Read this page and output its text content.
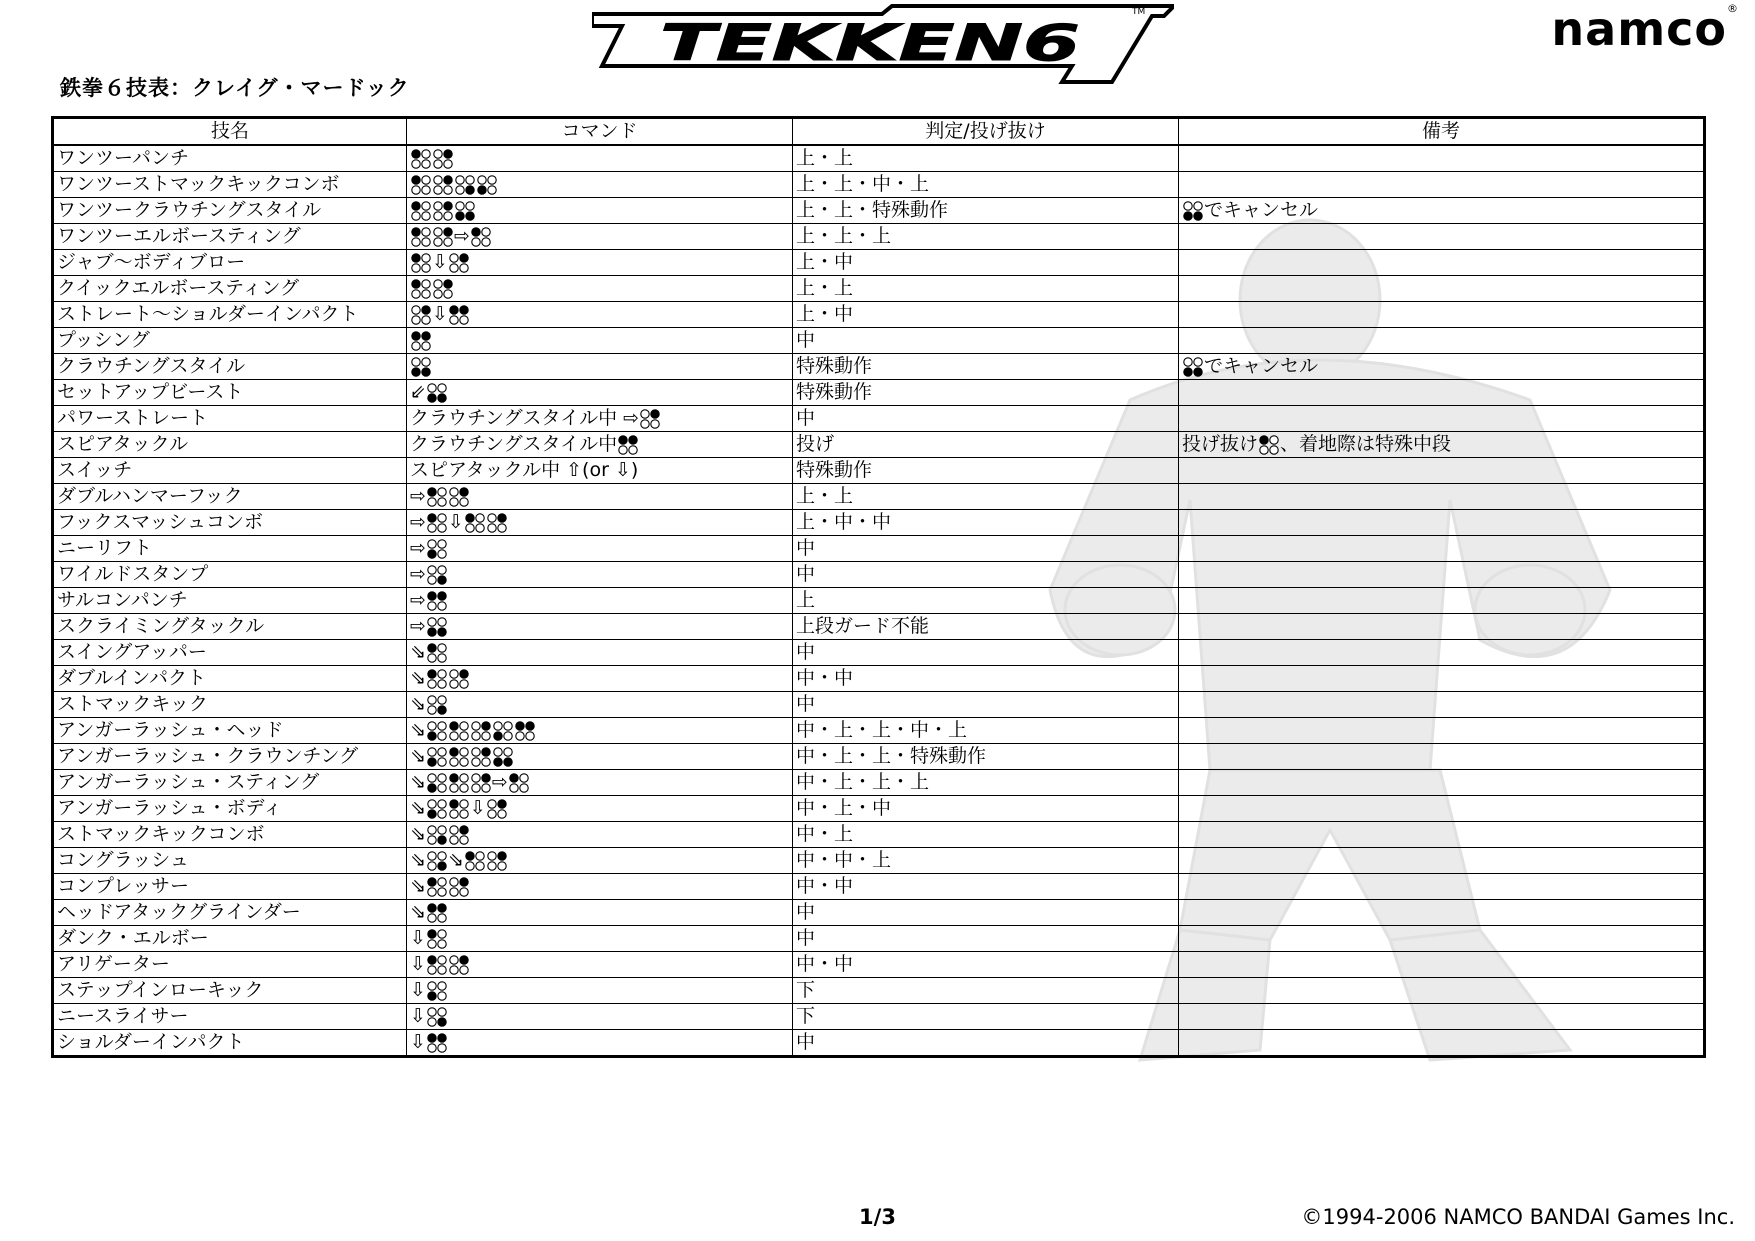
TEKKEN6
TM	namco®
鉄拳６技表：クレイグ・マードック
技名	コマンド	判定/投げ抜け	備考
ワンツーパンチ		上・上	
ワンツーストマックキックコンボ		上・上・中・上	
ワンツークラウチングスタイル		上・上・特殊動作	でキャンセル
ワンツーエルボースティング	⇨	上・上・上	
ジャブ～ボディブロー	⇩	上・中	
クイックエルボースティング		上・上	
ストレート～ショルダーインパクト	⇩	上・中	
プッシング		中	
クラウチングスタイル		特殊動作	でキャンセル
セットアップビースト	⇙	特殊動作	
パワーストレート	クラウチングスタイル中 ⇨	中	
スピアタックル	クラウチングスタイル中	投げ	投げ抜け 、着地際は特殊中段
スイッチ	スピアタックル中 ⇧(or ⇩)	特殊動作	
ダブルハンマーフック	⇨	上・上	
フックスマッシュコンボ	⇨ ⇩	上・中・中	
ニーリフト	⇨	中	
ワイルドスタンプ	⇨	中	
サルコンパンチ	⇨	上	
スクライミングタックル	⇨	上段ガード不能	
スイングアッパー	⇘	中	
ダブルインパクト	⇘	中・中	
ストマックキック	⇘	中	
アンガーラッシュ・ヘッド	⇘	中・上・上・中・上	
アンガーラッシュ・クラウンチング	⇘	中・上・上・特殊動作	
アンガーラッシュ・スティング	⇘ ⇨	中・上・上・上	
アンガーラッシュ・ボディ	⇘ ⇩	中・上・中	
ストマックキックコンボ	⇘	中・上	
コングラッシュ	⇘ ⇘	中・中・上	
コンプレッサー	⇘	中・中	
ヘッドアタックグラインダー	⇘	中	
ダンク・エルボー	⇩	中	
アリゲーター	⇩	中・中	
ステップインローキック	⇩	下	
ニースライサー	⇩	下	
ショルダーインパクト	⇩	中	
1/3	©1994‑2006 NAMCO BANDAI Games Inc.
